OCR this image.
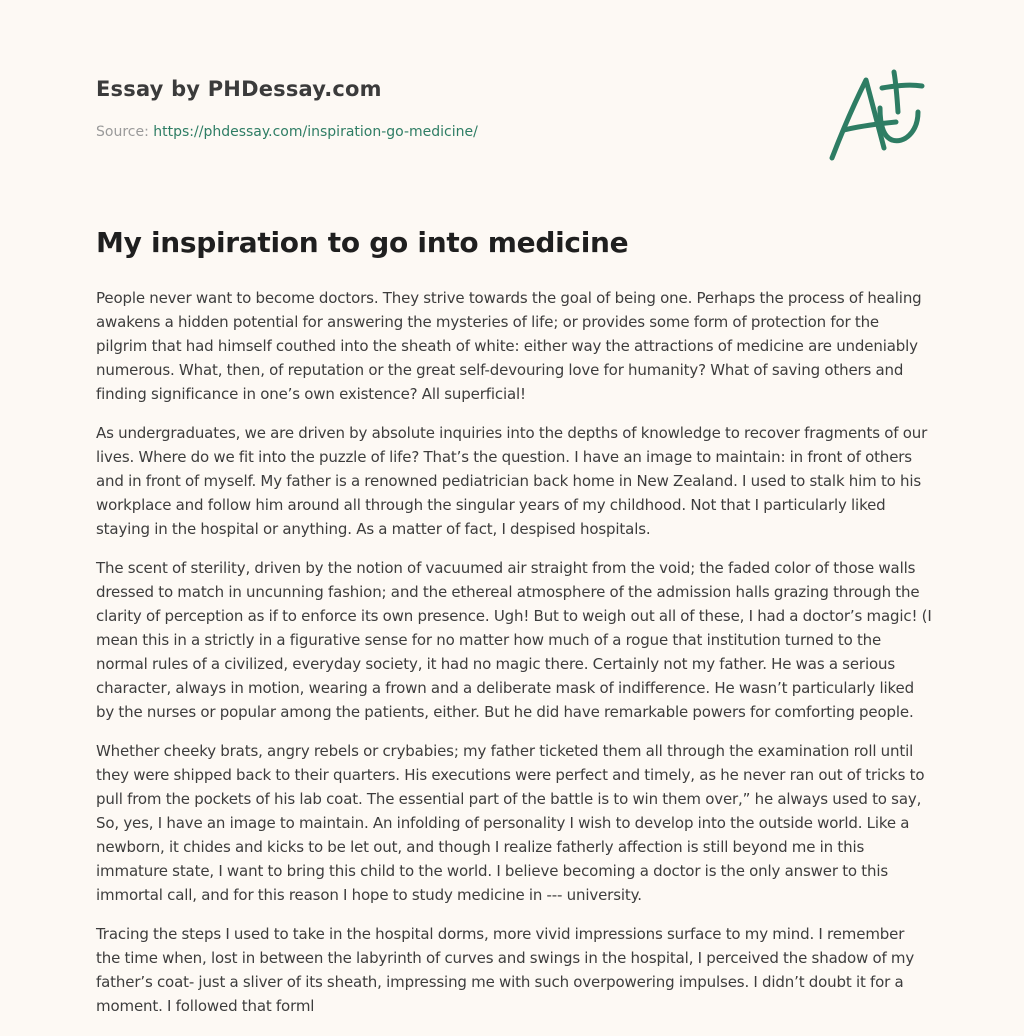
Essay by PHDessay.com
Source: https://phdessay.com/inspiration-go-medicine/
My inspiration to go into medicine

People never want to become doctors. They strive towards the goal of being one. Perhaps the process of healing awakens a hidden potential for answering the mysteries of life; or provides some form of protection for the pilgrim that had himself couthed into the sheath of white: either way the attractions of medicine are undeniably numerous. What, then, of reputation or the great self-devouring love for humanity? What of saving others and finding significance in one’s own existence? All superficial!

As undergraduates, we are driven by absolute inquiries into the depths of knowledge to recover fragments of our lives. Where do we fit into the puzzle of life? That’s the question. I have an image to maintain: in front of others and in front of myself. My father is a renowned pediatrician back home in New Zealand. I used to stalk him to his workplace and follow him around all through the singular years of my childhood. Not that I particularly liked staying in the hospital or anything. As a matter of fact, I despised hospitals.

The scent of sterility, driven by the notion of vacuumed air straight from the void; the faded color of those walls dressed to match in uncunning fashion; and the ethereal atmosphere of the admission halls grazing through the clarity of perception as if to enforce its own presence. Ugh! But to weigh out all of these, I had a doctor’s magic! (I mean this in a strictly in a figurative sense for no matter how much of a rogue that institution turned to the normal rules of a civilized, everyday society, it had no magic there. Certainly not my father. He was a serious character, always in motion, wearing a frown and a deliberate mask of indifference. He wasn’t particularly liked by the nurses or popular among the patients, either. But he did have remarkable powers for comforting people.

Whether cheeky brats, angry rebels or crybabies; my father ticketed them all through the examination roll until they were shipped back to their quarters. His executions were perfect and timely, as he never ran out of tricks to pull from the pockets of his lab coat. The essential part of the battle is to win them over,” he always used to say, So, yes, I have an image to maintain. An infolding of personality I wish to develop into the outside world. Like a newborn, it chides and kicks to be let out, and though I realize fatherly affection is still beyond me in this immature state, I want to bring this child to the world. I believe becoming a doctor is the only answer to this immortal call, and for this reason I hope to study medicine in --- university.

Tracing the steps I used to take in the hospital dorms, more vivid impressions surface to my mind. I remember the time when, lost in between the labyrinth of curves and swings in the hospital, I perceived the shadow of my father’s coat- just a sliver of its sheath, impressing me with such overpowering impulses. I didn’t doubt it for a moment. I followed that forml
